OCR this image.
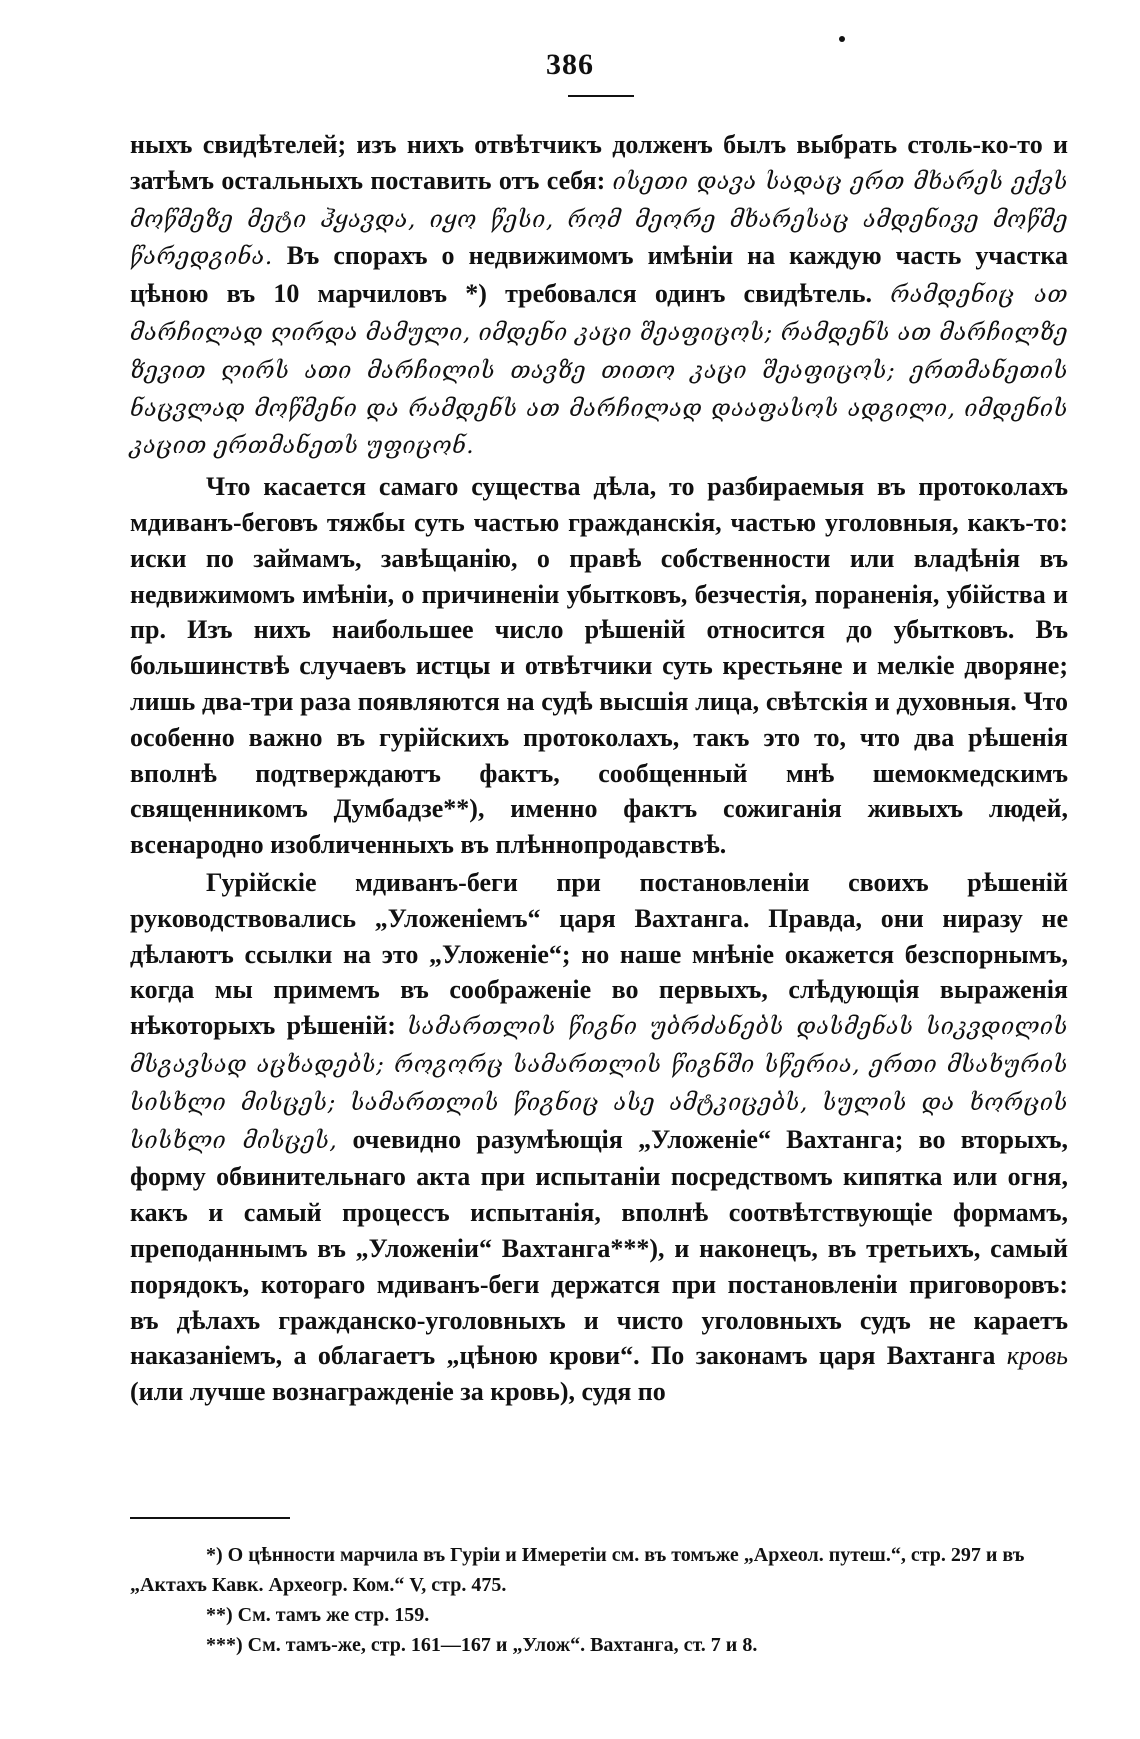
386

ныхъ свидѣтелей; изъ нихъ отвѣтчикъ долженъ былъ выбрать столь-ко-то и затѣмъ остальныхъ поставить отъ себя: ისეთი დავა სადაც ერთ მხარეს ექვს მოწმეზე მეტი ჰყავდა, იყო წესი, რომ მეორე მხარესაც ამდენივე მოწმე წარედგინა. Въ спорахъ о недвижимомъ имѣніи на каждую часть участка цѣною въ 10 марчиловъ *) требовался одинъ свидѣтель. რამდენიც ათ მარჩილად ღირდა მამული, იმდენი კაცი შეაფიცოს; რამდენს ათ მარჩილზე ზევით ღირს ათი მარჩილის თავზე თითო კაცი შეაფიცოს; ერთმანეთის ნაცვლად მოწმენი და რამდენს ათ მარჩილად დააფასოს ადგილი, იმდენის კაცით ერთმანეთს უფიცონ.

Что касается самаго существа дѣла, то разбираемыя въ протоколахъ мдиванъ-беговъ тяжбы суть частью гражданскія, частью уголовныя, какъ-то: иски по займамъ, завѣщанію, о правѣ собственности или владѣнія въ недвижимомъ имѣніи, о причиненіи убытковъ, безчестія, пораненія, убійства и пр. Изъ нихъ наибольшее число рѣшеній относится до убытковъ. Въ большинствѣ случаевъ истцы и отвѣтчики суть крестьяне и мелкіе дворяне; лишь два-три раза появляются на судѣ высшія лица, свѣтскія и духовныя. Что особенно важно въ гурійскихъ протоколахъ, такъ это то, что два рѣшенія вполнѣ подтверждаютъ фактъ, сообщенный мнѣ шемокмедскимъ священникомъ Думбадзе**), именно фактъ сожиганія живыхъ людей, всенародно изобличенныхъ въ плѣннопродавствѣ.

Гурійскіе мдиванъ-беги при постановленіи своихъ рѣшеній руководствовались „Уложеніемъ“ царя Вахтанга. Правда, они ниразу не дѣлаютъ ссылки на это „Уложеніе“; но наше мнѣніе окажется безспорнымъ, когда мы примемъ въ соображеніе во первыхъ, слѣдующія выраженія нѣкоторыхъ рѣшеній: სამართლის წიგნი უბრძანებს დასმენას სიკვდილის მსგავსად აცხადებს; როგორც სამართლის წიგნში სწერია, ერთი მსახურის სისხლი მისცეს; სამართლის წიგნიც ასე ამტკიცებს, სულის და ხორცის სისხლი მისცეს, очевидно разумѣющія „Уложеніе“ Вахтанга; во вторыхъ, форму обвинительнаго акта при испытаніи посредствомъ кипятка или огня, какъ и самый процессъ испытанія, вполнѣ соотвѣтствующіе формамъ, преподаннымъ въ „Уложеніи“ Вахтанга***), и наконецъ, въ третьихъ, самый порядокъ, котораго мдиванъ-беги держатся при постановленіи приговоровъ: въ дѣлахъ гражданско-уголовныхъ и чисто уголовныхъ судъ не караетъ наказаніемъ, а облагаетъ „цѣною крови“. По законамъ царя Вахтанга кровь (или лучше вознагражденіе за кровь), судя по

*) О цѣнности марчила въ Гуріи и Имеретіи см. въ томъже „Археол. путеш.“, стр. 297 и въ „Актахъ Кавк. Археогр. Ком.“ V, стр. 475.

**) См. тамъ же стр. 159.

***) См. тамъ-же, стр. 161—167 и „Улож“. Вахтанга, ст. 7 и 8.
